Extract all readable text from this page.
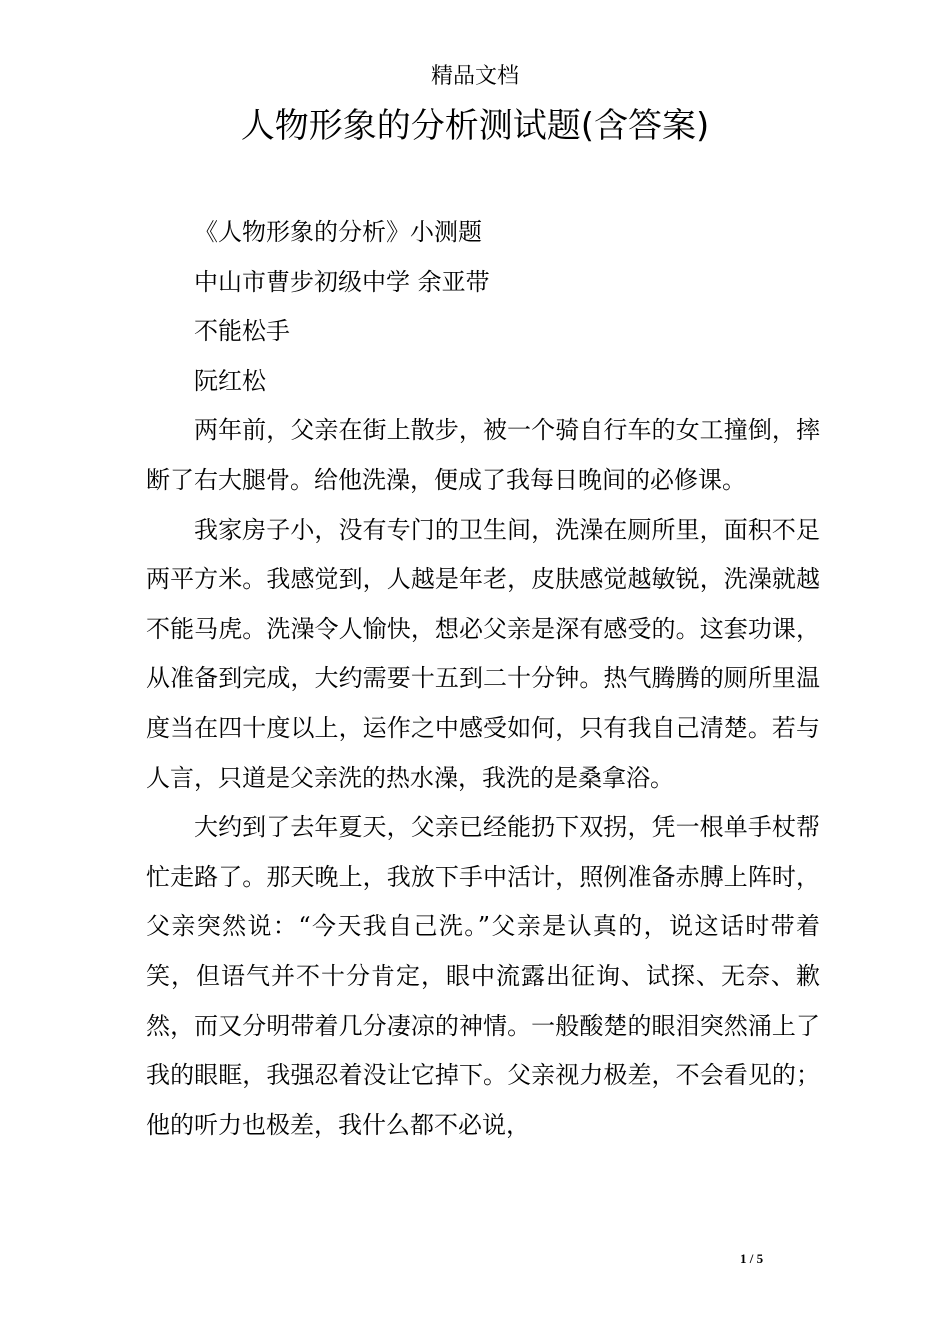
精品文档
人物形象的分析测试题(含答案)

《人物形象的分析》小测题

中山市曹步初级中学 余亚带

不能松手

阮红松

两年前，父亲在街上散步，被一个骑自行车的女工撞倒，摔断了右大腿骨。给他洗澡，便成了我每日晚间的必修课。

我家房子小，没有专门的卫生间，洗澡在厕所里，面积不足两平方米。我感觉到，人越是年老，皮肤感觉越敏锐，洗澡就越不能马虎。洗澡令人愉快，想必父亲是深有感受的。这套功课，从准备到完成，大约需要十五到二十分钟。热气腾腾的厕所里温度当在四十度以上，运作之中感受如何，只有我自己清楚。若与人言，只道是父亲洗的热水澡，我洗的是桑拿浴。

大约到了去年夏天，父亲已经能扔下双拐，凭一根单手杖帮忙走路了。那天晚上，我放下手中活计，照例准备赤膊上阵时，父亲突然说：“今天我自己洗。”父亲是认真的，说这话时带着笑，但语气并不十分肯定，眼中流露出征询、试探、无奈、歉然，而又分明带着几分凄凉的神情。一般酸楚的眼泪突然涌上了我的眼眶，我强忍着没让它掉下。父亲视力极差，不会看见的；他的听力也极差，我什么都不必说，

1 / 5
